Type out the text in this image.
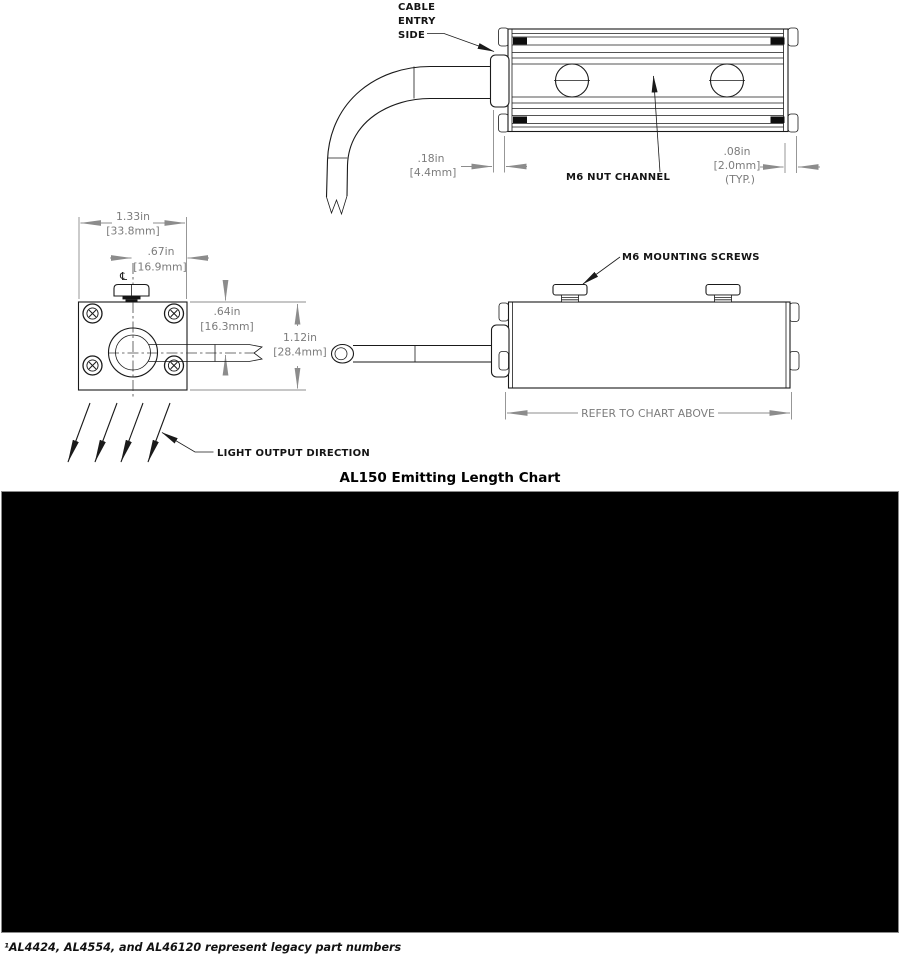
CABLE
ENTRY
SIDE
.18in
[4.4mm]
.08in
[2.0mm]
(TYP.)
M6 NUT CHANNEL
1.33in
[33.8mm]
.67in
[16.9mm]
℄
.64in
[16.3mm]
1.12in
[28.4mm]
LIGHT OUTPUT DIRECTION
M6 MOUNTING SCREWS
REFER TO CHART ABOVE
AL150 Emitting Length Chart
¹AL4424, AL4554, and AL46120 represent legacy part numbers
